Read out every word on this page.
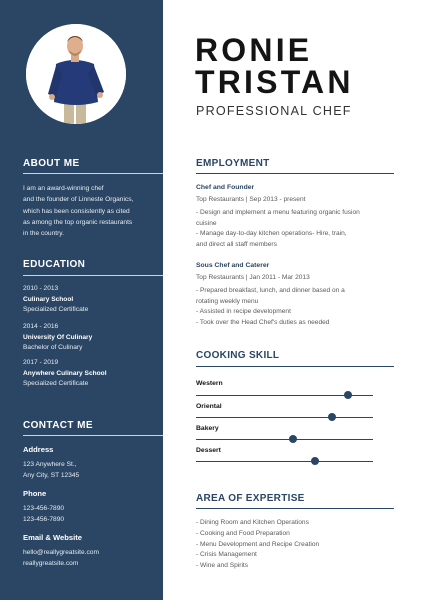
ABOUT ME
I am an award-winning chef
and the founder of Linneste Organics,
which has been consistently as cited
as among the top organic restaurants
in the country.
EDUCATION
2010 - 2013
Culinary School
Specialized Certificate
2014 - 2016
University Of Culinary
Bachelor of Culinary
2017 - 2019
Anywhere Culinary School
Specialized Certificate
CONTACT ME
Address
123 Anywhere St.,
Any City, ST 12345
Phone
123-456-7890
123-456-7890
Email & Website
hello@reallygreatsite.com
reallygreatsite.com
RONIE
TRISTAN
PROFESSIONAL CHEF
EMPLOYMENT
Chef and Founder
Top Restaurants | Sep 2013 - present
- Design and implement a menu featuring organic fusion
cuisine
- Manage day-to-day kitchen operations- Hire, train,
and direct all staff members
Sous Chef and Caterer
Top Restaurants | Jan 2011 - Mar 2013
- Prepared breakfast, lunch, and dinner based on a
rotating weekly menu
- Assisted in recipe development
- Took over the Head Chef's duties as needed
COOKING SKILL
Western
Oriental
Bakery
Dessert
AREA OF EXPERTISE
- Dining Room and Kitchen Operations
- Cooking and Food Preparation
- Menu Development and Recipe Creation
- Crisis Management
- Wine and Spirits
